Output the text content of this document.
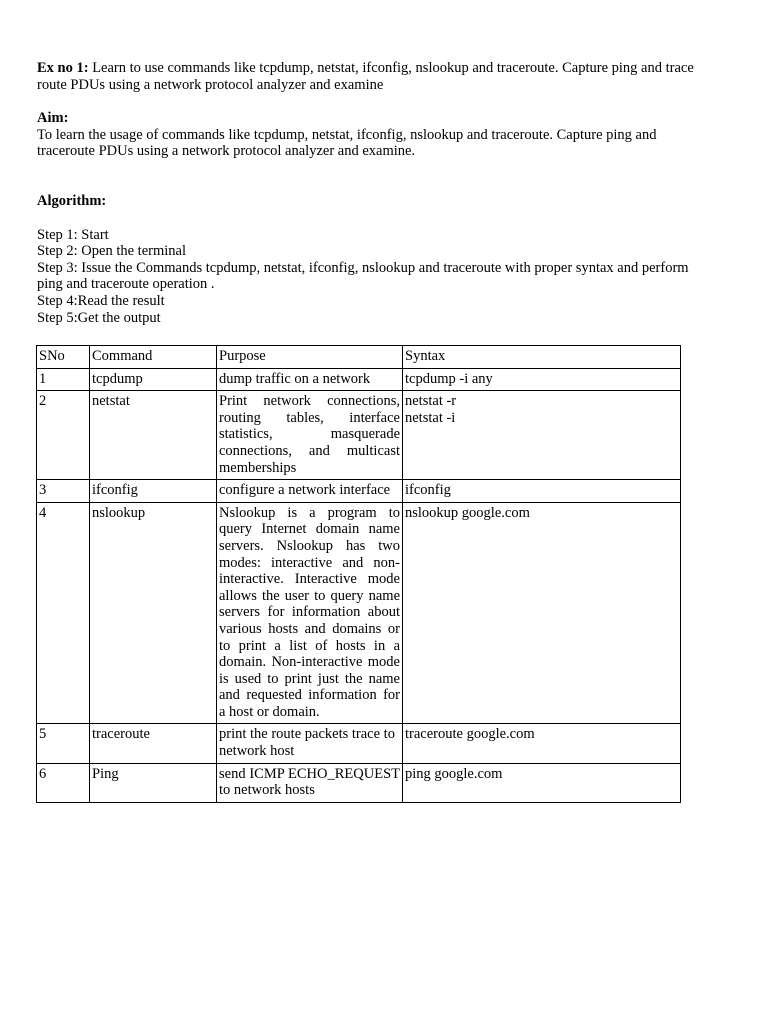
Ex no 1: Learn to use commands like tcpdump, netstat, ifconfig, nslookup and traceroute. Capture ping and trace route PDUs using a network protocol analyzer and examine

Aim:

To learn the usage of commands like tcpdump, netstat, ifconfig, nslookup and traceroute. Capture ping and traceroute PDUs using a network protocol analyzer and examine.

Algorithm:

Step 1: Start

Step 2: Open the terminal

Step 3: Issue the Commands tcpdump, netstat, ifconfig, nslookup and traceroute with proper syntax and perform ping and traceroute operation .

Step 4:Read the result

Step 5:Get the output

SNo	Command	Purpose	Syntax
1	tcpdump	dump traffic on a network	tcpdump -i any

2	netstat	Print network connections, routing tables, interface statistics, masquerade connections, and multicast memberships	netstat -r
netstat -i

3	ifconfig	configure a network interface	ifconfig

4	nslookup	Nslookup is a program to query Internet domain name servers. Nslookup has two modes: interactive and non-interactive. Interactive mode allows the user to query name servers for information about various hosts and domains or to print a list of hosts in a domain. Non-interactive mode is used to print just the name and requested information for a host or domain.	nslookup google.com

5	traceroute	print the route packets trace to network host	traceroute google.com

6	Ping	send ICMP ECHO_REQUEST to network hosts	ping google.com
